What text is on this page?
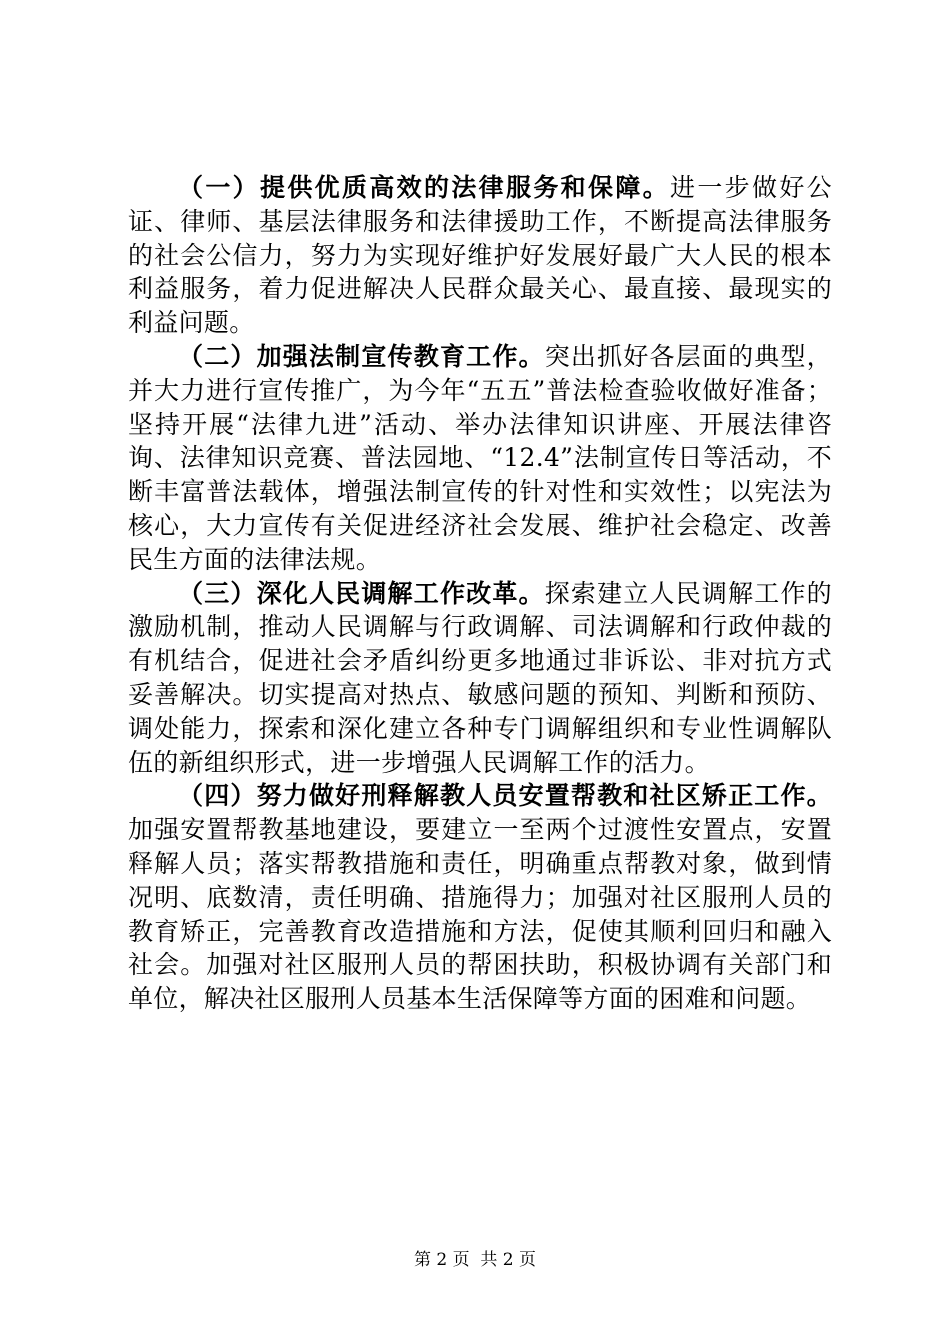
（一）提供优质高效的法律服务和保障。进一步做好公证、律师、基层法律服务和法律援助工作，不断提高法律服务的社会公信力，努力为实现好维护好发展好最广大人民的根本利益服务，着力促进解决人民群众最关心、最直接、最现实的利益问题。

（二）加强法制宣传教育工作。突出抓好各层面的典型，并大力进行宣传推广，为今年“五五”普法检查验收做好准备；坚持开展“法律九进”活动、举办法律知识讲座、开展法律咨询、法律知识竞赛、普法园地、“12.4”法制宣传日等活动，不断丰富普法载体，增强法制宣传的针对性和实效性；以宪法为核心，大力宣传有关促进经济社会发展、维护社会稳定、改善民生方面的法律法规。

（三）深化人民调解工作改革。探索建立人民调解工作的激励机制，推动人民调解与行政调解、司法调解和行政仲裁的有机结合，促进社会矛盾纠纷更多地通过非诉讼、非对抗方式妥善解决。切实提高对热点、敏感问题的预知、判断和预防、调处能力，探索和深化建立各种专门调解组织和专业性调解队伍的新组织形式，进一步增强人民调解工作的活力。

（四）努力做好刑释解教人员安置帮教和社区矫正工作。加强安置帮教基地建设，要建立一至两个过渡性安置点，安置释解人员；落实帮教措施和责任，明确重点帮教对象，做到情况明、底数清，责任明确、措施得力；加强对社区服刑人员的教育矫正，完善教育改造措施和方法，促使其顺利回归和融入社会。加强对社区服刑人员的帮困扶助，积极协调有关部门和单位，解决社区服刑人员基本生活保障等方面的困难和问题。

第 2 页  共 2 页
